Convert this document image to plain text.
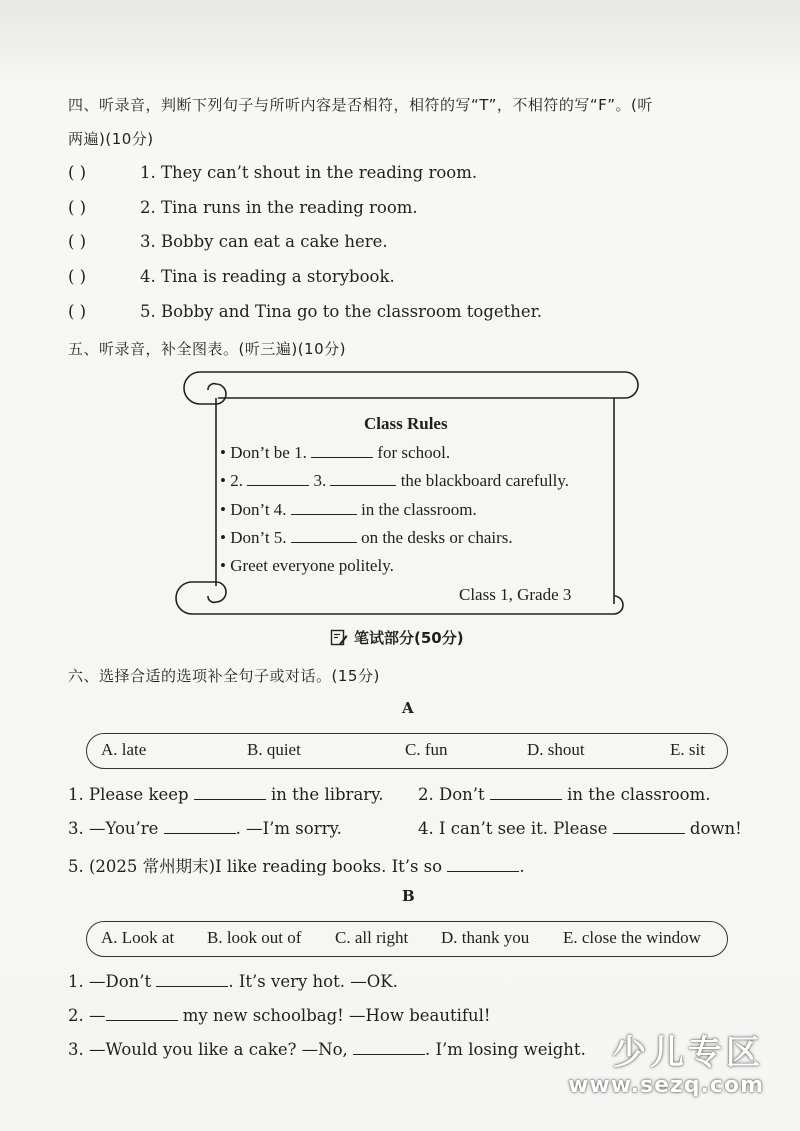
四、听录音，判断下列句子与所听内容是否相符，相符的写“T”，不相符的写“F”。(听
两遍)(10分)
( )	1. They can’t shout in the reading room.
( )	2. Tina runs in the reading room.
( )	3. Bobby can eat a cake here.
( )	4. Tina is reading a storybook.
( )	5. Bobby and Tina go to the classroom together.
五、听录音，补全图表。(听三遍)(10分)
Class Rules
• Don’t be 1.	for school.
• 2.	3.	the blackboard carefully.
• Don’t 4.	in the classroom.
• Don’t 5.	on the desks or chairs.
• Greet everyone politely.
Class 1, Grade 3
笔试部分(50分)
六、选择合适的选项补全句子或对话。(15分)
A
A. late	B. quiet	C. fun	D. shout	E. sit
1. Please keep	in the library. 2. Don’t	in the classroom.
3. —You’re	. —I’m sorry.	4. I can’t see it. Please	down!
5. (2025 常州期末)I like reading books. It’s so	.
B
A. Look at B. look out of C. all right D. thank you E. close the window
1. —Don’t	. It’s very hot. —OK.
2. —	my new schoolbag! —How beautiful!
3. —Would you like a cake? —No,	. I’m losing weight. 少儿专区
www.sezq.com
